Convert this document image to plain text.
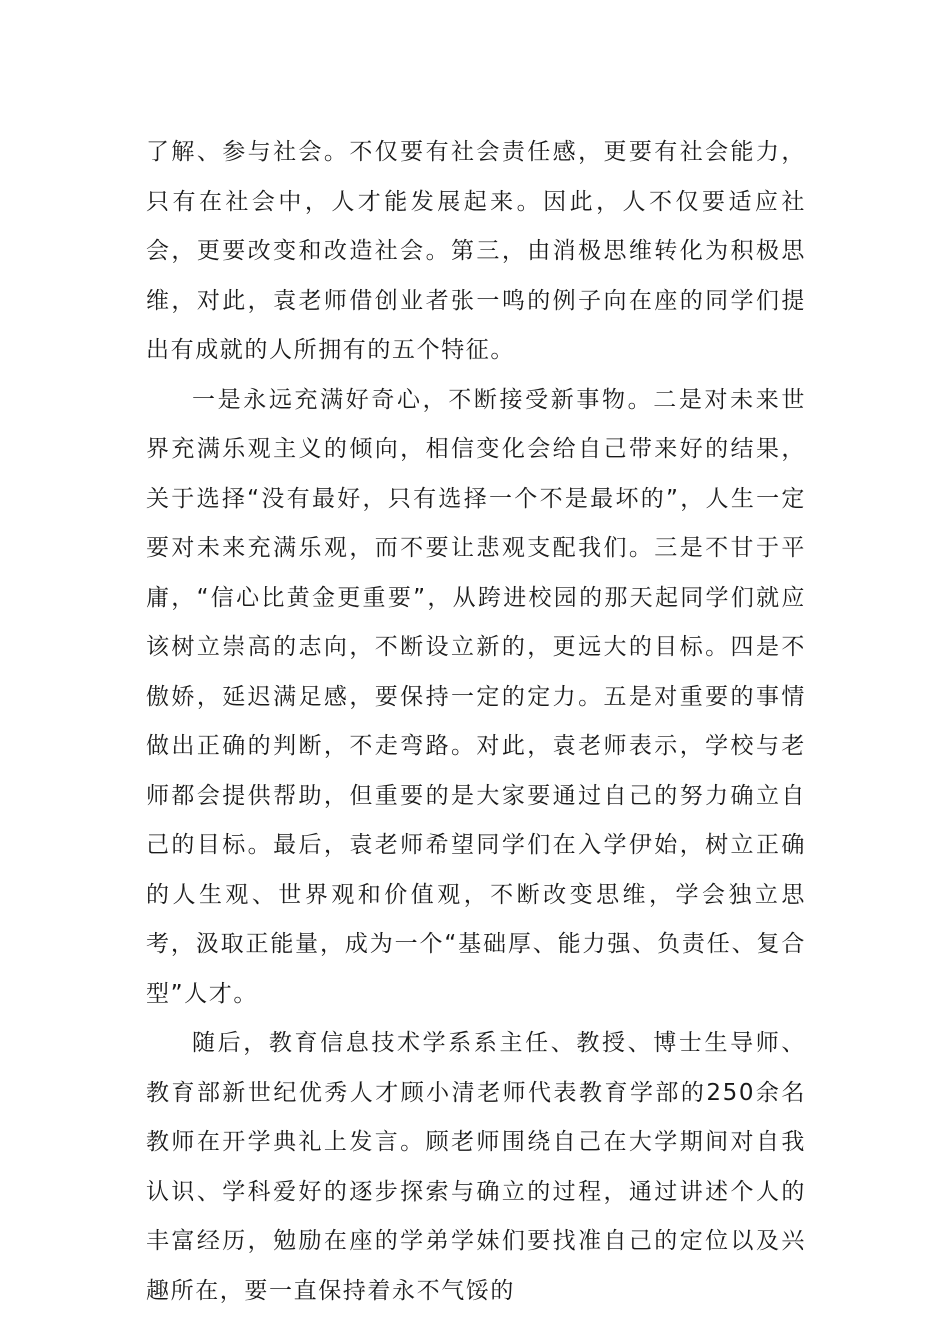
了解、参与社会。不仅要有社会责任感，更要有社会能力，只有在社会中，人才能发展起来。因此，人不仅要适应社会，更要改变和改造社会。第三，由消极思维转化为积极思维，对此，袁老师借创业者张一鸣的例子向在座的同学们提出有成就的人所拥有的五个特征。

一是永远充满好奇心，不断接受新事物。二是对未来世界充满乐观主义的倾向，相信变化会给自己带来好的结果，关于选择“没有最好，只有选择一个不是最坏的”，人生一定要对未来充满乐观，而不要让悲观支配我们。三是不甘于平庸，“信心比黄金更重要”，从跨进校园的那天起同学们就应该树立崇高的志向，不断设立新的，更远大的目标。四是不傲娇，延迟满足感，要保持一定的定力。五是对重要的事情做出正确的判断，不走弯路。对此，袁老师表示，学校与老师都会提供帮助，但重要的是大家要通过自己的努力确立自己的目标。最后，袁老师希望同学们在入学伊始，树立正确的人生观、世界观和价值观，不断改变思维，学会独立思考，汲取正能量，成为一个“基础厚、能力强、负责任、复合型”人才。

随后，教育信息技术学系系主任、教授、博士生导师、教育部新世纪优秀人才顾小清老师代表教育学部的250余名教师在开学典礼上发言。顾老师围绕自己在大学期间对自我认识、学科爱好的逐步探索与确立的过程，通过讲述个人的丰富经历，勉励在座的学弟学妹们要找准自己的定位以及兴趣所在，要一直保持着永不气馁的
